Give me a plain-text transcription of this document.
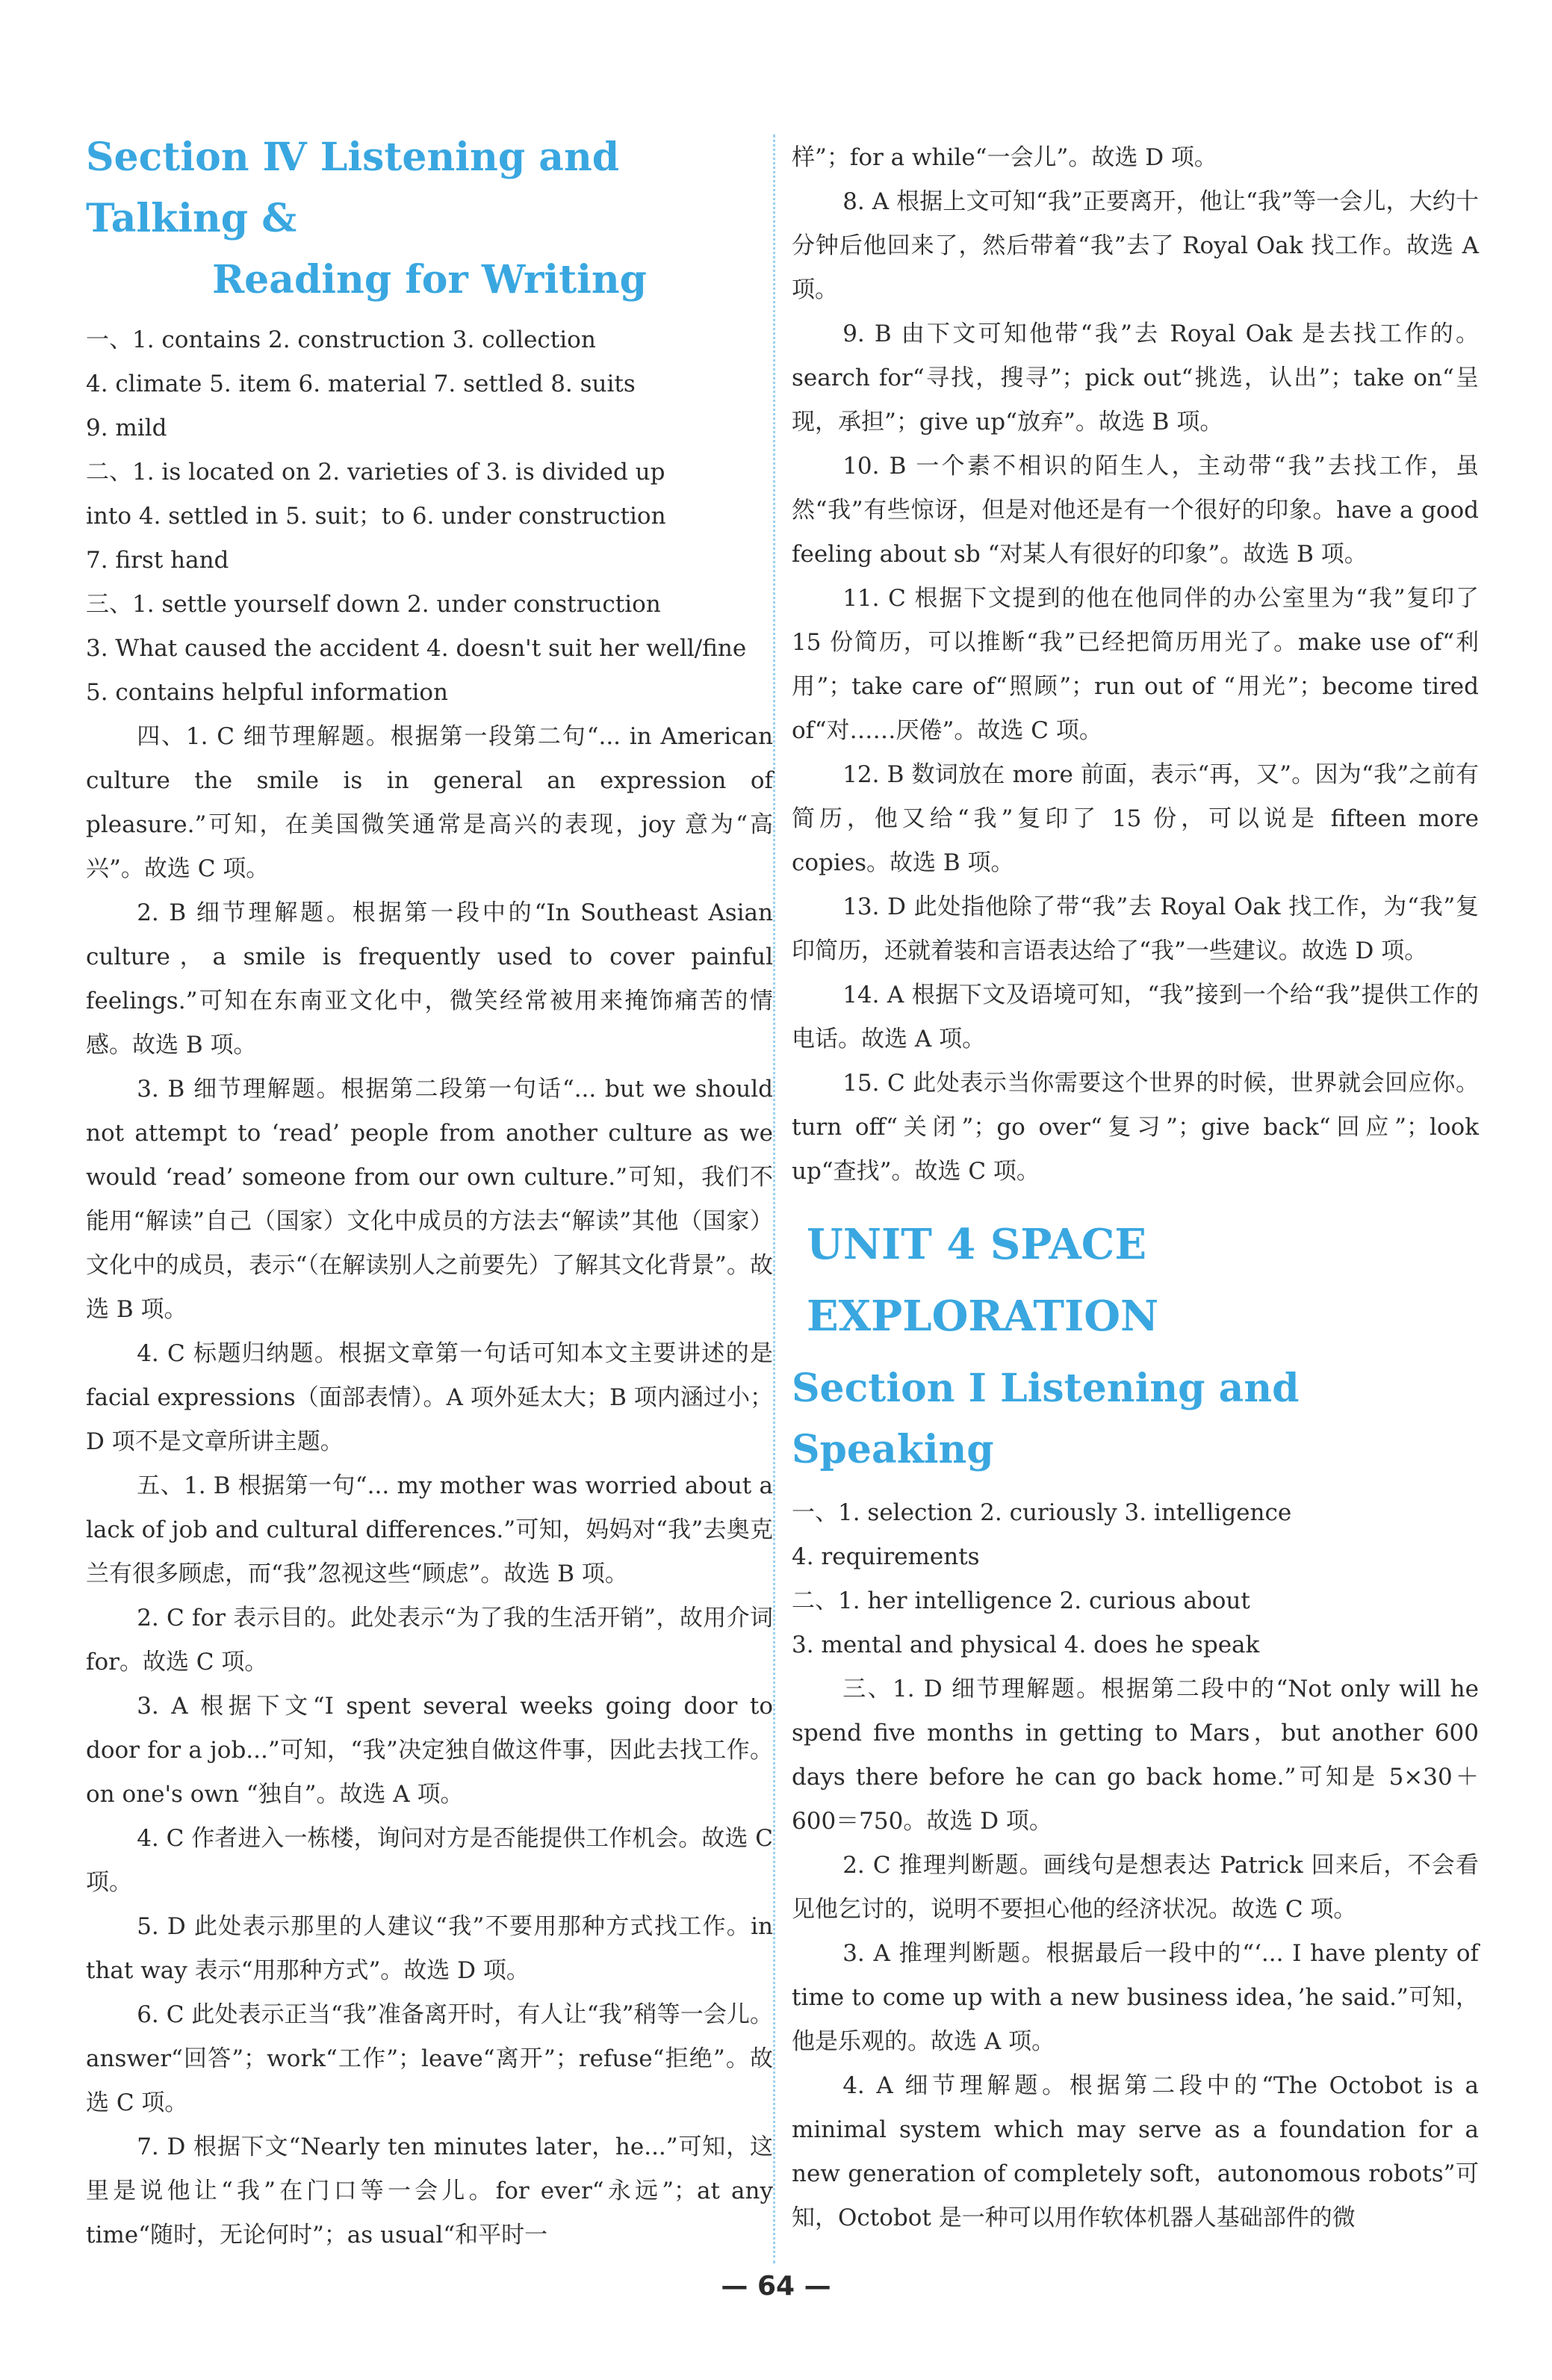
Section Ⅳ Listening and Talking &
Reading for Writing

一、1. contains 2. construction 3. collection

4. climate 5. item 6. material 7. settled 8. suits

9. mild

二、1. is located on 2. varieties of 3. is divided up

into 4. settled in 5. suit；to 6. under construction

7. first hand

三、1. settle yourself down 2. under construction

3. What caused the accident 4. doesn't suit her well/fine

5. contains helpful information

四、1. C 细节理解题。根据第一段第二句“... in American culture the smile is in general an expression of pleasure.”可知，在美国微笑通常是高兴的表现，joy 意为“高兴”。故选 C 项。

2. B 细节理解题。根据第一段中的“In Southeast Asian culture，a smile is frequently used to cover painful feelings.”可知在东南亚文化中，微笑经常被用来掩饰痛苦的情感。故选 B 项。

3. B 细节理解题。根据第二段第一句话“... but we should not attempt to ‘read’ people from another culture as we would ‘read’ someone from our own culture.”可知，我们不能用“解读”自己（国家）文化中成员的方法去“解读”其他（国家）文化中的成员，表示“（在解读别人之前要先）了解其文化背景”。故选 B 项。

4. C 标题归纳题。根据文章第一句话可知本文主要讲述的是 facial expressions（面部表情）。A 项外延太大；B 项内涵过小；D 项不是文章所讲主题。

五、1. B 根据第一句“... my mother was worried about a lack of job and cultural differences.”可知，妈妈对“我”去奥克兰有很多顾虑，而“我”忽视这些“顾虑”。故选 B 项。

2. C for 表示目的。此处表示“为了我的生活开销”，故用介词 for。故选 C 项。

3. A 根据下文“I spent several weeks going door to door for a job...”可知，“我”决定独自做这件事，因此去找工作。on one's own “独自”。故选 A 项。

4. C 作者进入一栋楼，询问对方是否能提供工作机会。故选 C 项。

5. D 此处表示那里的人建议“我”不要用那种方式找工作。in that way 表示“用那种方式”。故选 D 项。

6. C 此处表示正当“我”准备离开时，有人让“我”稍等一会儿。answer“回答”；work“工作”；leave“离开”；refuse“拒绝”。故选 C 项。

7. D 根据下文“Nearly ten minutes later，he...”可知，这里是说他让“我”在门口等一会儿。for ever“永远”；at any time“随时，无论何时”；as usual“和平时一

样”；for a while“一会儿”。故选 D 项。

8. A 根据上文可知“我”正要离开，他让“我”等一会儿，大约十分钟后他回来了，然后带着“我”去了 Royal Oak 找工作。故选 A 项。

9. B 由下文可知他带“我”去 Royal Oak 是去找工作的。search for“寻找，搜寻”；pick out“挑选，认出”；take on“呈现，承担”；give up“放弃”。故选 B 项。

10. B 一个素不相识的陌生人，主动带“我”去找工作，虽然“我”有些惊讶，但是对他还是有一个很好的印象。have a good feeling about sb “对某人有很好的印象”。故选 B 项。

11. C 根据下文提到的他在他同伴的办公室里为“我”复印了 15 份简历，可以推断“我”已经把简历用光了。make use of“利用”；take care of“照顾”；run out of “用光”；become tired of“对……厌倦”。故选 C 项。

12. B 数词放在 more 前面，表示“再，又”。因为“我”之前有简历，他又给“我”复印了 15 份，可以说是 fifteen more copies。故选 B 项。

13. D 此处指他除了带“我”去 Royal Oak 找工作，为“我”复印简历，还就着装和言语表达给了“我”一些建议。故选 D 项。

14. A 根据下文及语境可知，“我”接到一个给“我”提供工作的电话。故选 A 项。

15. C 此处表示当你需要这个世界的时候，世界就会回应你。turn off“关闭”；go over“复习”；give back“回应”；look up“查找”。故选 C 项。

UNIT 4 SPACE EXPLORATION
Section Ⅰ Listening and Speaking

一、1. selection 2. curiously 3. intelligence

4. requirements

二、1. her intelligence 2. curious about

3. mental and physical 4. does he speak

三、1. D 细节理解题。根据第二段中的“Not only will he spend five months in getting to Mars，but another 600 days there before he can go back home.”可知是 5×30＋600＝750。故选 D 项。

2. C 推理判断题。画线句是想表达 Patrick 回来后，不会看见他乞讨的，说明不要担心他的经济状况。故选 C 项。

3. A 推理判断题。根据最后一段中的“‘... I have plenty of time to come up with a new business idea，’he said.”可知，他是乐观的。故选 A 项。

4. A 细节理解题。根据第二段中的“The Octobot is a minimal system which may serve as a foundation for a new generation of completely soft，autonomous robots”可知，Octobot 是一种可以用作软体机器人基础部件的微

— 64 —
